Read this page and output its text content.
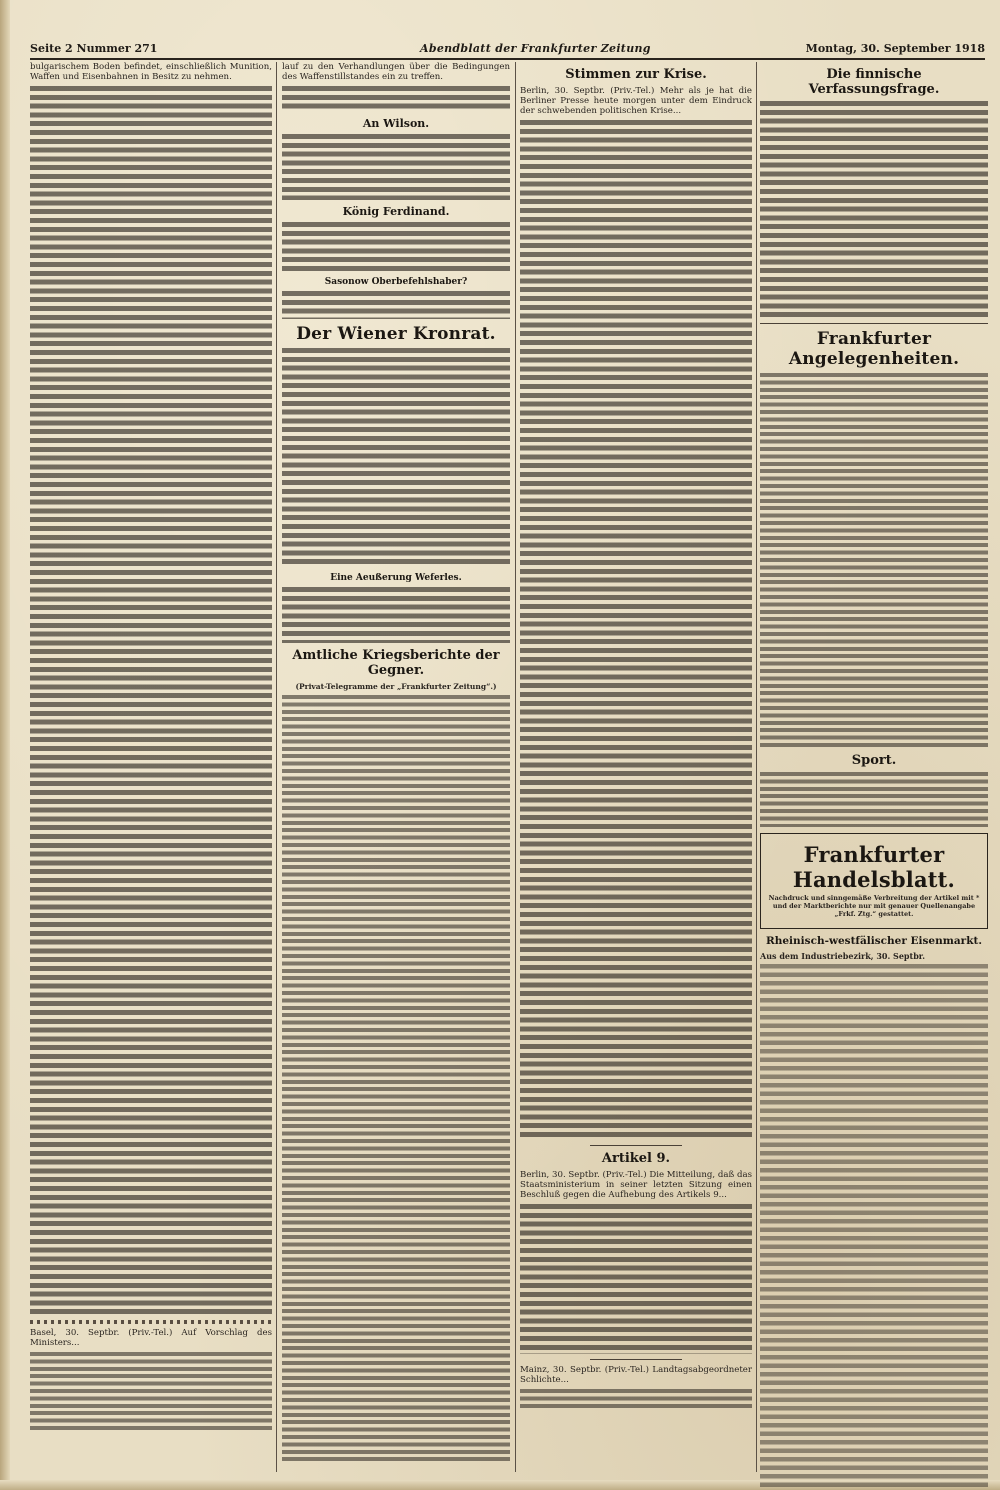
Seite 2 Nummer 271	Abendblatt der Frankfurter Zeitung	Montag, 30. September 1918
bulgarischem Boden befindet, einschließlich Munition, Waffen und Eisenbahnen in Besitz zu nehmen.
Basel, 30. Septbr. (Priv.-Tel.) Auf Vorschlag des Ministers...
lauf zu den Verhandlungen über die Bedingungen des Waffenstillstandes ein zu treffen.
An Wilson.
König Ferdinand.
Sasonow Oberbefehlshaber?
Der Wiener Kronrat.
Eine Aeußerung Weferles.
Amtliche Kriegsberichte der Gegner.
(Privat-Telegramme der „Frankfurter Zeitung“.)
Stimmen zur Krise.
Berlin, 30. Septbr. (Priv.-Tel.) Mehr als je hat die Berliner Presse heute morgen unter dem Eindruck der schwebenden politischen Krise...
Artikel 9.
Berlin, 30. Septbr. (Priv.-Tel.) Die Mitteilung, daß das Staatsministerium in seiner letzten Sitzung einen Beschluß gegen die Aufhebung des Artikels 9...
Mainz, 30. Septbr. (Priv.-Tel.) Landtagsabgeordneter Schlichte...
Die finnische Verfassungsfrage.
Frankfurter Angelegenheiten.
Sport.
Frankfurter Handelsblatt.
Nachdruck und sinngemäße Verbreitung der Artikel mit * und der Marktberichte nur mit genauer Quellenangabe „Frkf. Ztg.“ gestattet.
Rheinisch-westfälischer Eisenmarkt.
Aus dem Industriebezirk, 30. Septbr.
